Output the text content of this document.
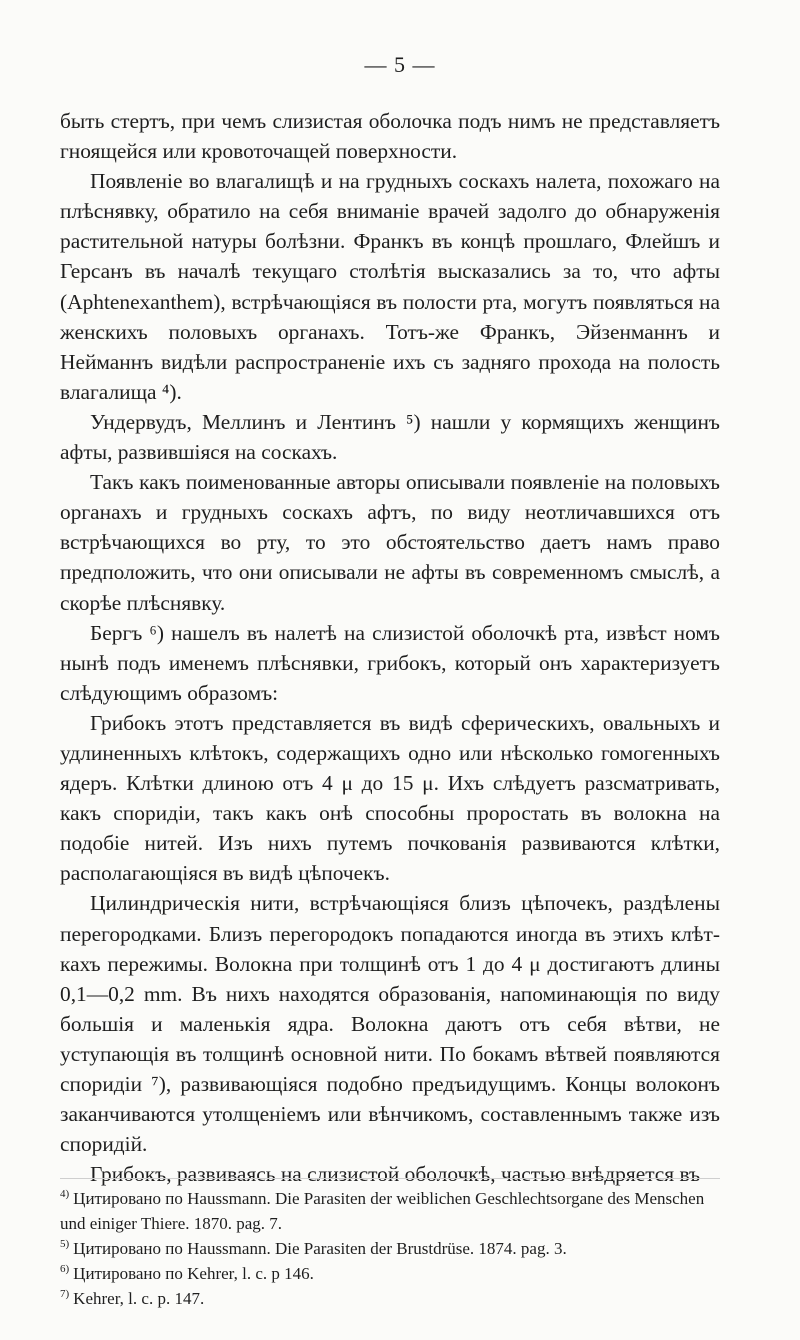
— 5 —

быть стертъ, при чемъ слизистая оболочка подъ нимъ не представляетъ гноящейся или кровоточащей поверхности.

Появленіе во влагалищѣ и на грудныхъ соскахъ налета, похожаго на плѣснявку, обратило на себя вниманіе врачей задолго до обнаруженія растительной натуры болѣзни. Франкъ въ концѣ прошлаго, Флейшъ и Герсанъ въ началѣ текущаго столѣтія высказались за то, что афты (Aphtenexanthem), встрѣчающіяся въ полости рта, могутъ появляться на женскихъ половыхъ органахъ. Тотъ-же Франкъ, Эйзенманнъ и Нейманнъ видѣли распространеніе ихъ съ задняго прохода на полость влагалища ⁴).

Ундервудъ, Меллинъ и Лентинъ ⁵) нашли у кормящихъ женщинъ афты, развившіяся на соскахъ.

Такъ какъ поименованные авторы описывали появленіе на половыхъ органахъ и грудныхъ соскахъ афтъ, по виду неотличавшихся отъ встрѣчающихся во рту, то это обстоятельство даетъ намъ право предположить, что они описывали не афты въ современномъ смыслѣ, а скорѣе плѣснявку.

Бергъ ⁶) нашелъ въ налетѣ на слизистой оболочкѣ рта, извѣст номъ нынѣ подъ именемъ плѣснявки, грибокъ, который онъ характеризуетъ слѣдующимъ образомъ:

Грибокъ этотъ представляется въ видѣ сферическихъ, овальныхъ и удлиненныхъ клѣтокъ, содержащихъ одно или нѣсколько гомогенныхъ ядеръ. Клѣтки длиною отъ 4 μ до 15 μ. Ихъ слѣдуетъ разсматривать, какъ споридіи, такъ какъ онѣ способны проростать въ волокна на подобіе нитей. Изъ нихъ путемъ почкованія развиваются клѣтки, располагающіяся въ видѣ цѣпочекъ.

Цилиндрическія нити, встрѣчающіяся близъ цѣпочекъ, раздѣлены перегородками. Близъ перегородокъ попадаются иногда въ этихъ клѣткахъ пережимы. Волокна при толщинѣ отъ 1 до 4 μ достигаютъ длины 0,1—0,2 mm. Въ нихъ находятся образованія, напоминающія по виду большія и маленькія ядра. Волокна даютъ отъ себя вѣтви, не уступающія въ толщинѣ основной нити. По бокамъ вѣтвей появляются споридіи ⁷), развивающіяся подобно предъидущимъ. Концы волоконъ заканчиваются утолщеніемъ или вѣнчикомъ, составленнымъ также изъ споридій.

Грибокъ, развиваясь на слизистой оболочкѣ, частью внѣдряется въ

$^{4)}$ Цитировано по Haussmann. Die Parasiten der weiblichen Geschlechtsorgane des Menschen und einiger Thiere. 1870. pag. 7.

$^{5)}$ Цитировано по Haussmann. Die Parasiten der Brustdrüse. 1874. pag. 3.

$^{6)}$ Цитировано по Kehrer, l. c. p 146.

$^{7)}$ Kehrer, l. c. p. 147.
